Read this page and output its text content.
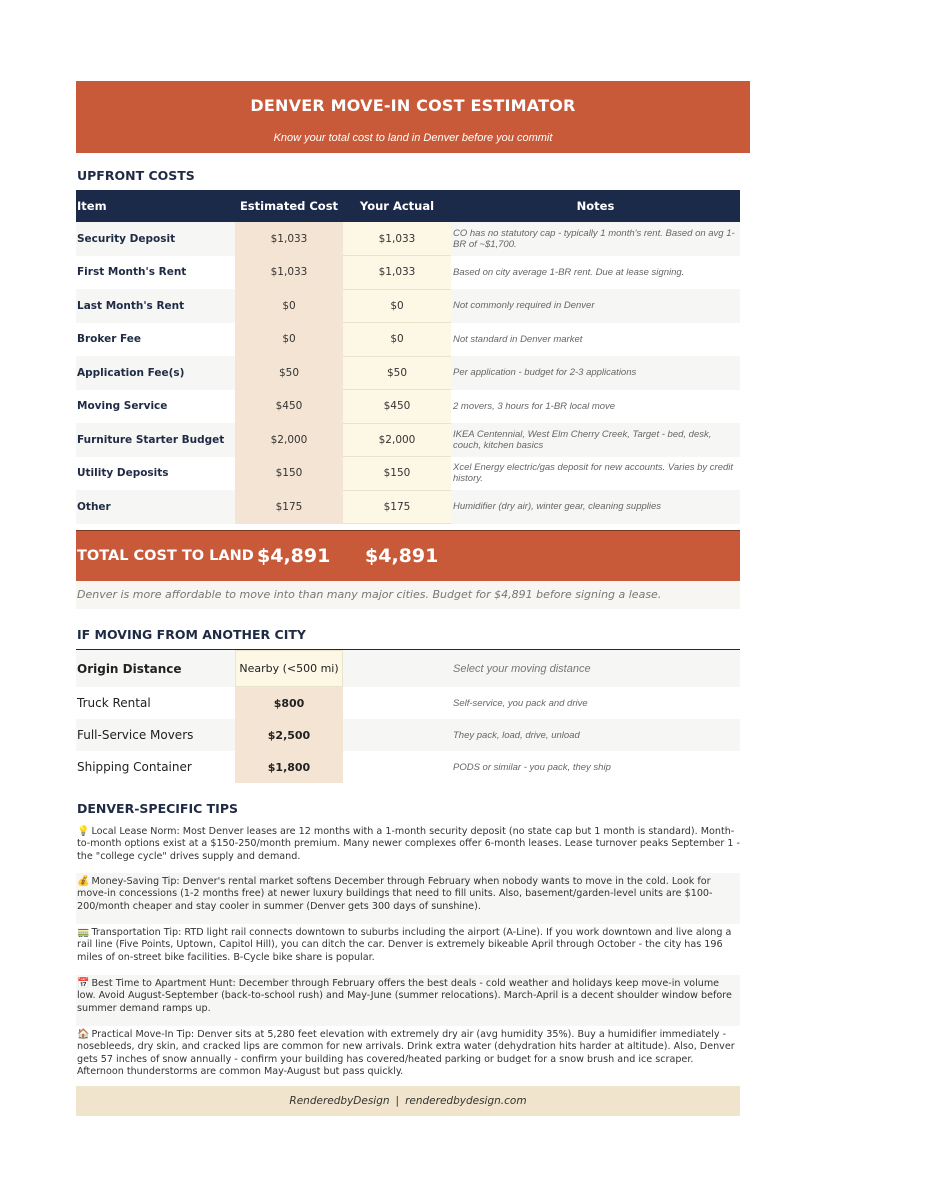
DENVER MOVE-IN COST ESTIMATOR
Know your total cost to land in Denver before you commit
UPFRONT COSTS
Item	Estimated Cost	Your Actual	Notes
Security Deposit	$1,033	$1,033	CO has no statutory cap - typically 1 month's rent. Based on avg 1-BR of ~$1,700.
First Month's Rent	$1,033	$1,033	Based on city average 1-BR rent. Due at lease signing.
Last Month's Rent	$0	$0	Not commonly required in Denver
Broker Fee	$0	$0	Not standard in Denver market
Application Fee(s)	$50	$50	Per application - budget for 2-3 applications
Moving Service	$450	$450	2 movers, 3 hours for 1-BR local move
Furniture Starter Budget	$2,000	$2,000	IKEA Centennial, West Elm Cherry Creek, Target - bed, desk, couch, kitchen basics
Utility Deposits	$150	$150	Xcel Energy electric/gas deposit for new accounts. Varies by credit history.
Other	$175	$175	Humidifier (dry air), winter gear, cleaning supplies
TOTAL COST TO LAND $4,891	$4,891
Denver is more affordable to move into than many major cities. Budget for $4,891 before signing a lease.
IF MOVING FROM ANOTHER CITY
Origin Distance	Nearby (<500 mi)	Select your moving distance
Truck Rental	$800	Self-service, you pack and drive
Full-Service Movers	$2,500	They pack, load, drive, unload
Shipping Container	$1,800	PODS or similar - you pack, they ship
DENVER-SPECIFIC TIPS
💡 Local Lease Norm: Most Denver leases are 12 months with a 1-month security deposit (no state cap but 1 month is standard). Month-to-month options exist at a $150-250/month premium. Many newer complexes offer 6-month leases. Lease turnover peaks September 1 - the "college cycle" drives supply and demand.
💰 Money-Saving Tip: Denver's rental market softens December through February when nobody wants to move in the cold. Look for move-in concessions (1-2 months free) at newer luxury buildings that need to fill units. Also, basement/garden-level units are $100-200/month cheaper and stay cooler in summer (Denver gets 300 days of sunshine).
🚃 Transportation Tip: RTD light rail connects downtown to suburbs including the airport (A-Line). If you work downtown and live along a rail line (Five Points, Uptown, Capitol Hill), you can ditch the car. Denver is extremely bikeable April through October - the city has 196 miles of on-street bike facilities. B-Cycle bike share is popular.
📅 Best Time to Apartment Hunt: December through February offers the best deals - cold weather and holidays keep move-in volume low. Avoid August-September (back-to-school rush) and May-June (summer relocations). March-April is a decent shoulder window before summer demand ramps up.
🏠 Practical Move-In Tip: Denver sits at 5,280 feet elevation with extremely dry air (avg humidity 35%). Buy a humidifier immediately - nosebleeds, dry skin, and cracked lips are common for new arrivals. Drink extra water (dehydration hits harder at altitude). Also, Denver gets 57 inches of snow annually - confirm your building has covered/heated parking or budget for a snow brush and ice scraper. Afternoon thunderstorms are common May-August but pass quickly.
RenderedbyDesign | renderedbydesign.com
